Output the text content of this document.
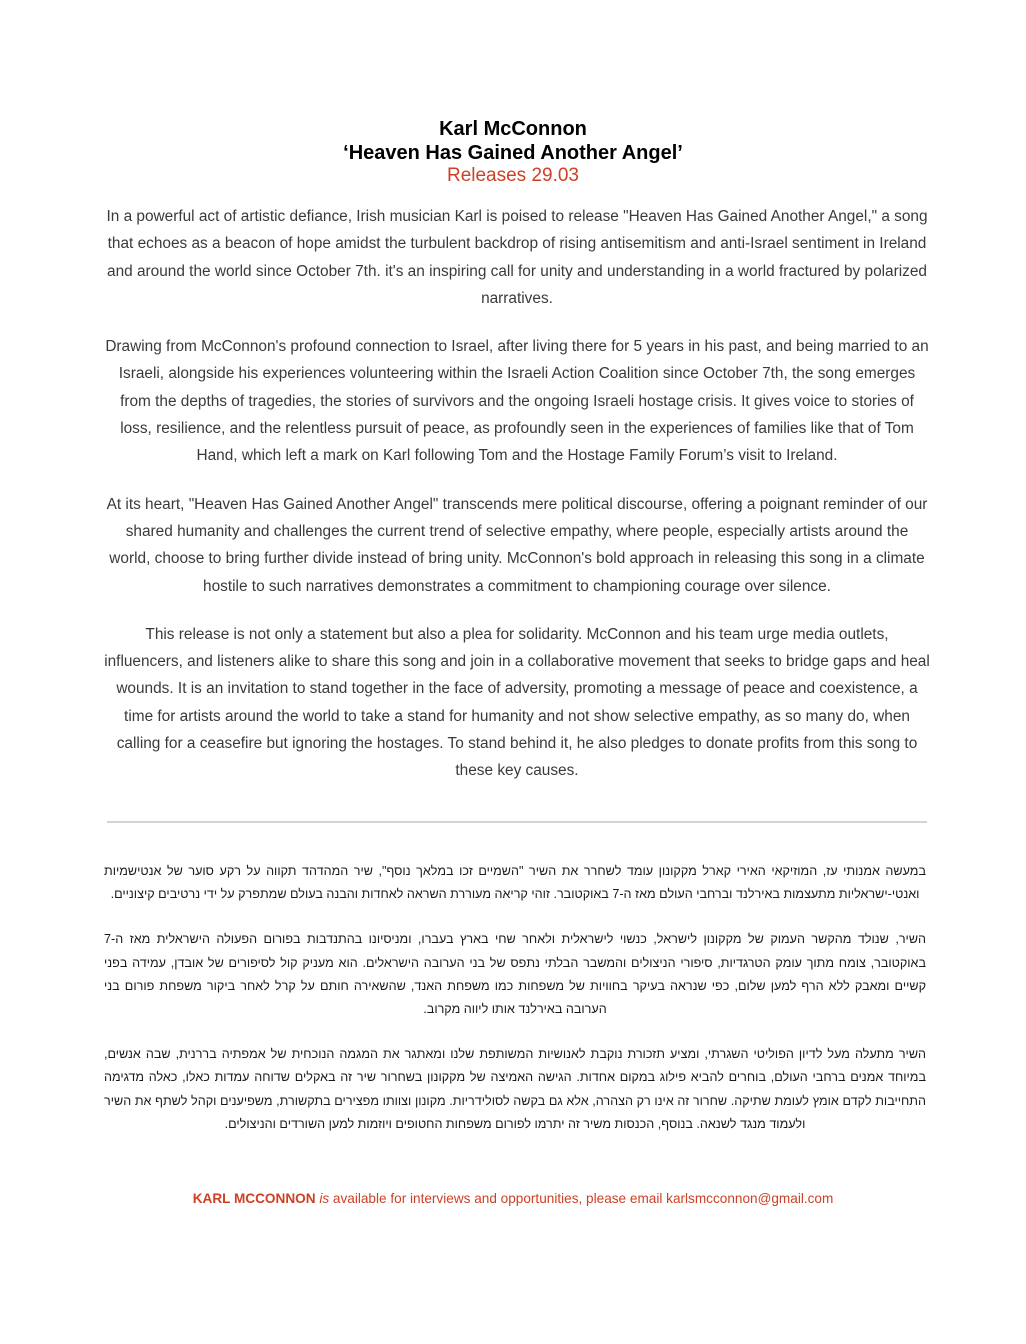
Karl McConnon

‘Heaven Has Gained Another Angel’

Releases 29.03

In a powerful act of artistic defiance, Irish musician Karl is poised to release "Heaven Has Gained Another Angel," a song that echoes as a beacon of hope amidst the turbulent backdrop of rising antisemitism and anti-Israel sentiment in Ireland and around the world since October 7th. it's an inspiring call for unity and understanding in a world fractured by polarized narratives.

Drawing from McConnon's profound connection to Israel, after living there for 5 years in his past, and being married to an Israeli, alongside his experiences volunteering within the Israeli Action Coalition since October 7th, the song emerges from the depths of tragedies, the stories of survivors and the ongoing Israeli hostage crisis. It gives voice to stories of loss, resilience, and the relentless pursuit of peace, as profoundly seen in the experiences of families like that of Tom Hand, which left a mark on Karl following Tom and the Hostage Family Forum’s visit to Ireland.

At its heart, "Heaven Has Gained Another Angel" transcends mere political discourse, offering a poignant reminder of our shared humanity and challenges the current trend of selective empathy, where people, especially artists around the world, choose to bring further divide instead of bring unity. McConnon's bold approach in releasing this song in a climate hostile to such narratives demonstrates a commitment to championing courage over silence.

This release is not only a statement but also a plea for solidarity. McConnon and his team urge media outlets, influencers, and listeners alike to share this song and join in a collaborative movement that seeks to bridge gaps and heal wounds. It is an invitation to stand together in the face of adversity, promoting a message of peace and coexistence, a time for artists around the world to take a stand for humanity and not show selective empathy, as so many do, when calling for a ceasefire but ignoring the hostages. To stand behind it, he also pledges to donate profits from this song to these key causes.

במעשה אמנותי עז, המוזיקאי האירי קארל מקקונון עומד לשחרר את השיר "השמיים זכו במלאך נוסף", שיר המהדהד תקווה על רקע סוער של אנטישמיות ואנטי-ישראליות מתעצמות באירלנד וברחבי העולם מאז ה-7 באוקטובר. זוהי קריאה מעוררת השראה לאחדות והבנה בעולם שמתפרק על ידי נרטיבים קיצוניים.

השיר, שנולד מהקשר העמוק של מקקונון לישראל, כנשוי לישראלית ולאחר שחי בארץ בעברו, ומניסיונו בהתנדבות בפורום הפעולה הישראלית מאז ה-7 באוקטובר, צומח מתוך עומק הטרגדיות, סיפורי הניצולים והמשבר הבלתי נתפס של בני הערובה הישראלים. הוא מעניק קול לסיפורים של אובדן, עמידה בפני קשיים ומאבק ללא הרף למען שלום, כפי שנראה בעיקר בחוויות של משפחות כמו משפחת האנד, שהשאירה חותם על קרל לאחר ביקור משפחת פורום בני הערובה באירלנד אותו ליווה מקרוב.

השיר מתעלה מעל לדיון הפוליטי השגרתי, ומציע תזכורת נוקבת לאנושיות המשותפת שלנו ומאתגר את המגמה הנוכחית של אמפתיה בררנית, שבה אנשים, במיוחד אמנים ברחבי העולם, בוחרים להביא פילוג במקום אחדות. הגישה האמיצה של מקקונון בשחרור שיר זה באקלים שדוחה עמדות כאלו, כאלה מדגימה התחייבות לקדם אומץ לעומת שתיקה. שחרור זה אינו רק הצהרה, אלא גם בקשה לסולידריות. מקונון וצוותו מפצירים בתקשורת, משפיענים וקהל לשתף את השיר ולעמוד מנגד לשנאה. בנוסף, הכנסות משיר זה יתרמו לפורום משפחות החטופים ויוזמות למען השורדים והניצולים.

KARL MCCONNON is available for interviews and opportunities, please email karlsmcconnon@gmail.com
